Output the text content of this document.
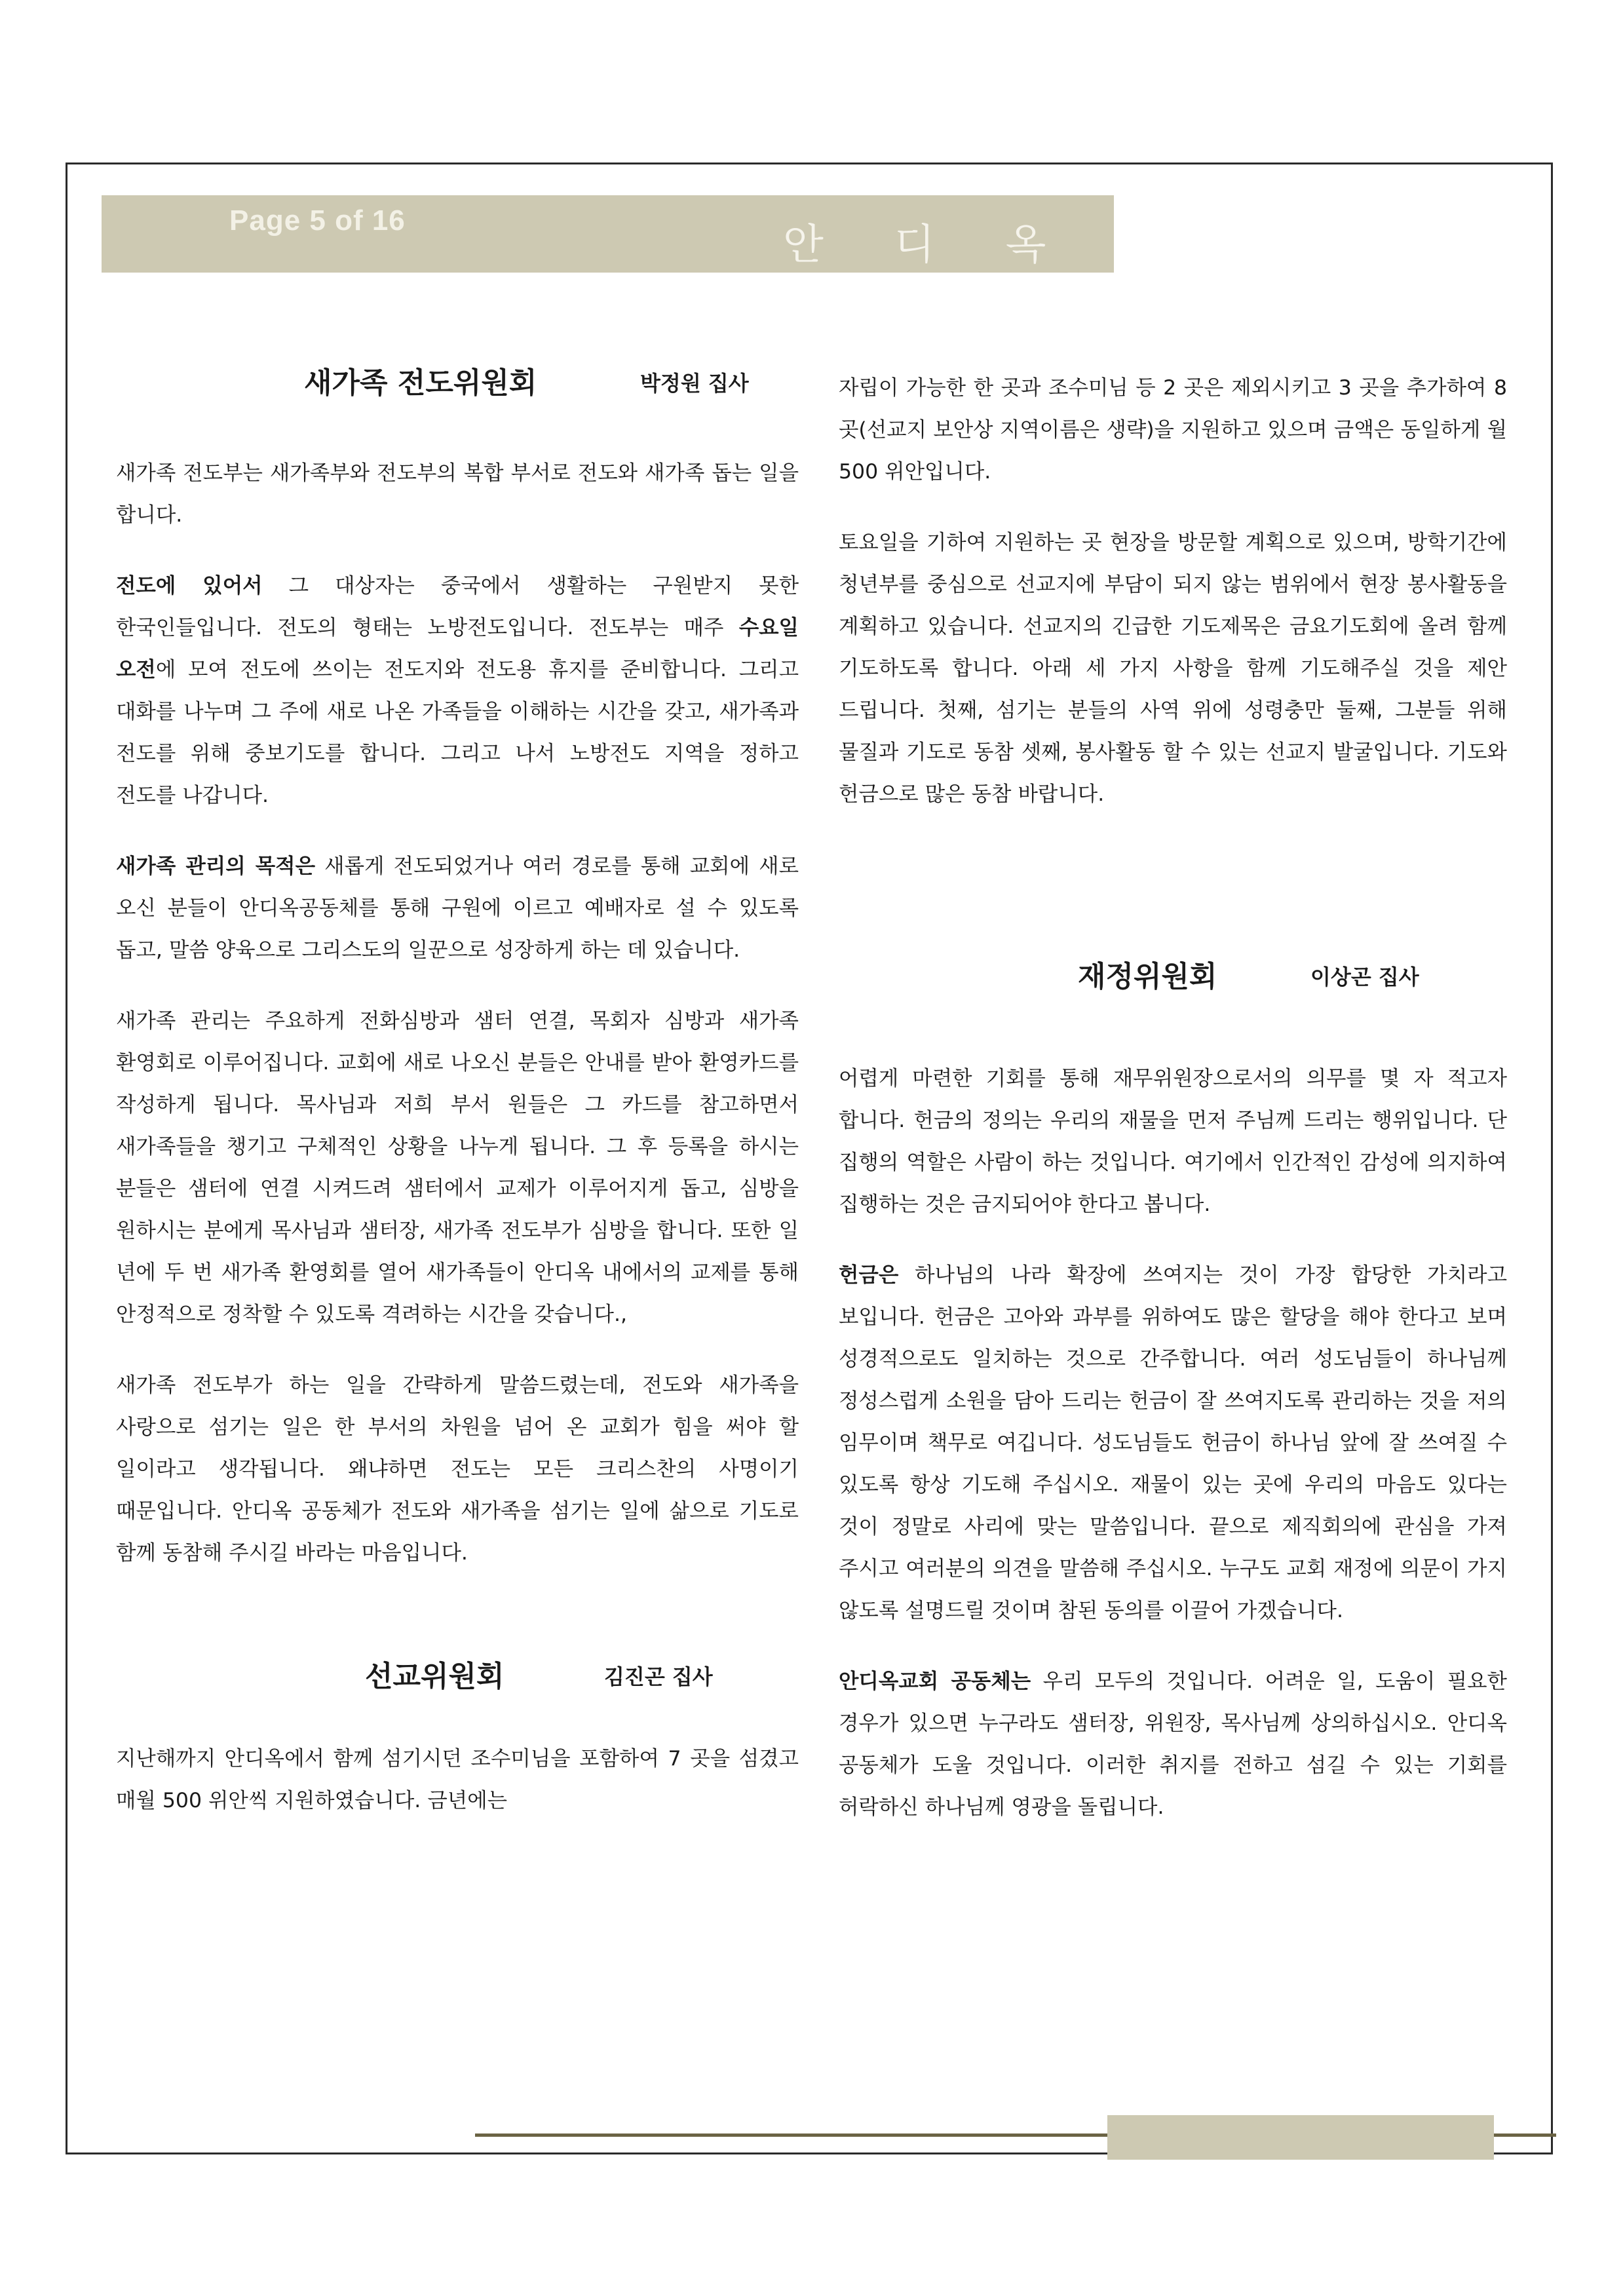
Page 5 of 16
안디옥
새가족 전도위원회	박정원 집사

새가족 전도부는 새가족부와 전도부의 복합 부서로 전도와 새가족 돕는 일을 합니다.

전도에 있어서 그 대상자는 중국에서 생활하는 구원받지 못한 한국인들입니다. 전도의 형태는 노방전도입니다. 전도부는 매주 수요일 오전에 모여 전도에 쓰이는 전도지와 전도용 휴지를 준비합니다. 그리고 대화를 나누며 그 주에 새로 나온 가족들을 이해하는 시간을 갖고, 새가족과 전도를 위해 중보기도를 합니다. 그리고 나서 노방전도 지역을 정하고 전도를 나갑니다.

새가족 관리의 목적은 새롭게 전도되었거나 여러 경로를 통해 교회에 새로 오신 분들이 안디옥공동체를 통해 구원에 이르고 예배자로 설 수 있도록 돕고, 말씀 양육으로 그리스도의 일꾼으로 성장하게 하는 데 있습니다.

새가족 관리는 주요하게 전화심방과 샘터 연결, 목회자 심방과 새가족 환영회로 이루어집니다. 교회에 새로 나오신 분들은 안내를 받아 환영카드를 작성하게 됩니다. 목사님과 저희 부서 원들은 그 카드를 참고하면서 새가족들을 챙기고 구체적인 상황을 나누게 됩니다. 그 후 등록을 하시는 분들은 샘터에 연결 시켜드려 샘터에서 교제가 이루어지게 돕고, 심방을 원하시는 분에게 목사님과 샘터장, 새가족 전도부가 심방을 합니다. 또한 일 년에 두 번 새가족 환영회를 열어 새가족들이 안디옥 내에서의 교제를 통해 안정적으로 정착할 수 있도록 격려하는 시간을 갖습니다.,

새가족 전도부가 하는 일을 간략하게 말씀드렸는데, 전도와 새가족을 사랑으로 섬기는 일은 한 부서의 차원을 넘어 온 교회가 힘을 써야 할 일이라고 생각됩니다. 왜냐하면 전도는 모든 크리스찬의 사명이기 때문입니다. 안디옥 공동체가 전도와 새가족을 섬기는 일에 삶으로 기도로 함께 동참해 주시길 바라는 마음입니다.

선교위원회	김진곤 집사

지난해까지 안디옥에서 함께 섬기시던 조수미님을 포함하여 7 곳을 섬겼고 매월 500 위안씩 지원하였습니다. 금년에는

자립이 가능한 한 곳과 조수미님 등 2 곳은 제외시키고 3 곳을 추가하여 8 곳(선교지 보안상 지역이름은 생략)을 지원하고 있으며 금액은 동일하게 월 500 위안입니다.

토요일을 기하여 지원하는 곳 현장을 방문할 계획으로 있으며, 방학기간에 청년부를 중심으로 선교지에 부담이 되지 않는 범위에서 현장 봉사활동을 계획하고 있습니다. 선교지의 긴급한 기도제목은 금요기도회에 올려 함께 기도하도록 합니다. 아래 세 가지 사항을 함께 기도해주실 것을 제안 드립니다. 첫째, 섬기는 분들의 사역 위에 성령충만 둘째, 그분들 위해 물질과 기도로 동참 셋째, 봉사활동 할 수 있는 선교지 발굴입니다. 기도와 헌금으로 많은 동참 바랍니다.

재정위원회	이상곤 집사

어렵게 마련한 기회를 통해 재무위원장으로서의 의무를 몇 자 적고자 합니다. 헌금의 정의는 우리의 재물을 먼저 주님께 드리는 행위입니다. 단 집행의 역할은 사람이 하는 것입니다. 여기에서 인간적인 감성에 의지하여 집행하는 것은 금지되어야 한다고 봅니다.

헌금은 하나님의 나라 확장에 쓰여지는 것이 가장 합당한 가치라고 보입니다. 헌금은 고아와 과부를 위하여도 많은 할당을 해야 한다고 보며 성경적으로도 일치하는 것으로 간주합니다. 여러 성도님들이 하나님께 정성스럽게 소원을 담아 드리는 헌금이 잘 쓰여지도록 관리하는 것을 저의 임무이며 책무로 여깁니다. 성도님들도 헌금이 하나님 앞에 잘 쓰여질 수 있도록 항상 기도해 주십시오. 재물이 있는 곳에 우리의 마음도 있다는 것이 정말로 사리에 맞는 말씀입니다. 끝으로 제직회의에 관심을 가져 주시고 여러분의 의견을 말씀해 주십시오. 누구도 교회 재정에 의문이 가지 않도록 설명드릴 것이며 참된 동의를 이끌어 가겠습니다.

안디옥교회 공동체는 우리 모두의 것입니다. 어려운 일, 도움이 필요한 경우가 있으면 누구라도 샘터장, 위원장, 목사님께 상의하십시오. 안디옥 공동체가 도울 것입니다. 이러한 취지를 전하고 섬길 수 있는 기회를 허락하신 하나님께 영광을 돌립니다.
